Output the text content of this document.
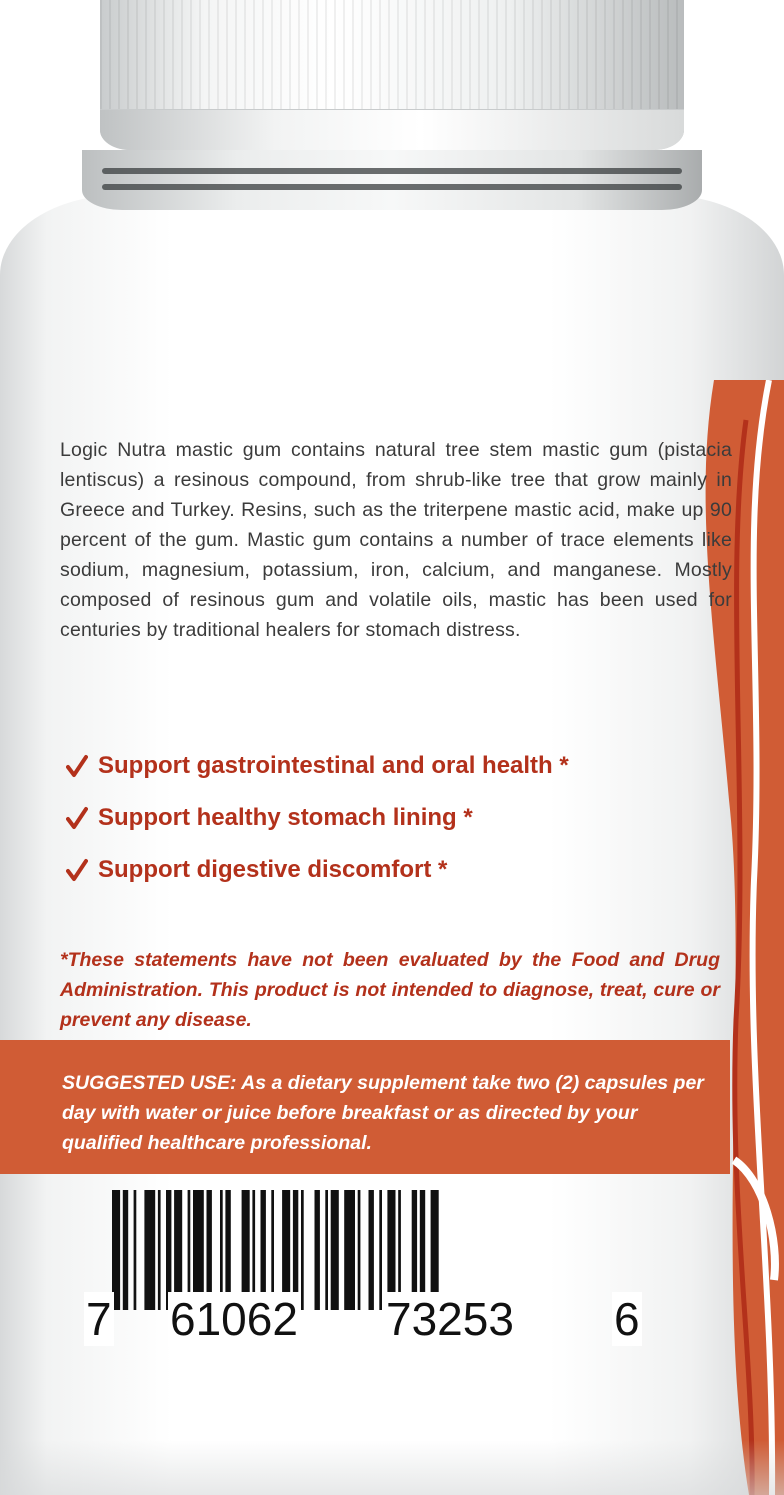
Logic Nutra mastic gum contains natural tree stem mastic gum (pistacia lentiscus) a resinous compound, from shrub-like tree that grow mainly in Greece and Turkey. Resins, such as the triterpene mastic acid, make up 90 percent of the gum. Mastic gum contains a number of trace elements like sodium, magnesium, potassium, iron, calcium, and manganese. Mostly composed of resinous gum and volatile oils, mastic has been used for centuries by traditional healers for stomach distress.

Support gastrointestinal and oral health *
Support healthy stomach lining *
Support digestive discomfort *

*These statements have not been evaluated by the Food and Drug Administration. This product is not intended to diagnose, treat, cure or prevent any disease.

SUGGESTED USE: As a dietary supplement take two (2) capsules per day with water or juice before breakfast or as directed by your qualified healthcare professional.

7 61062 73253 6
